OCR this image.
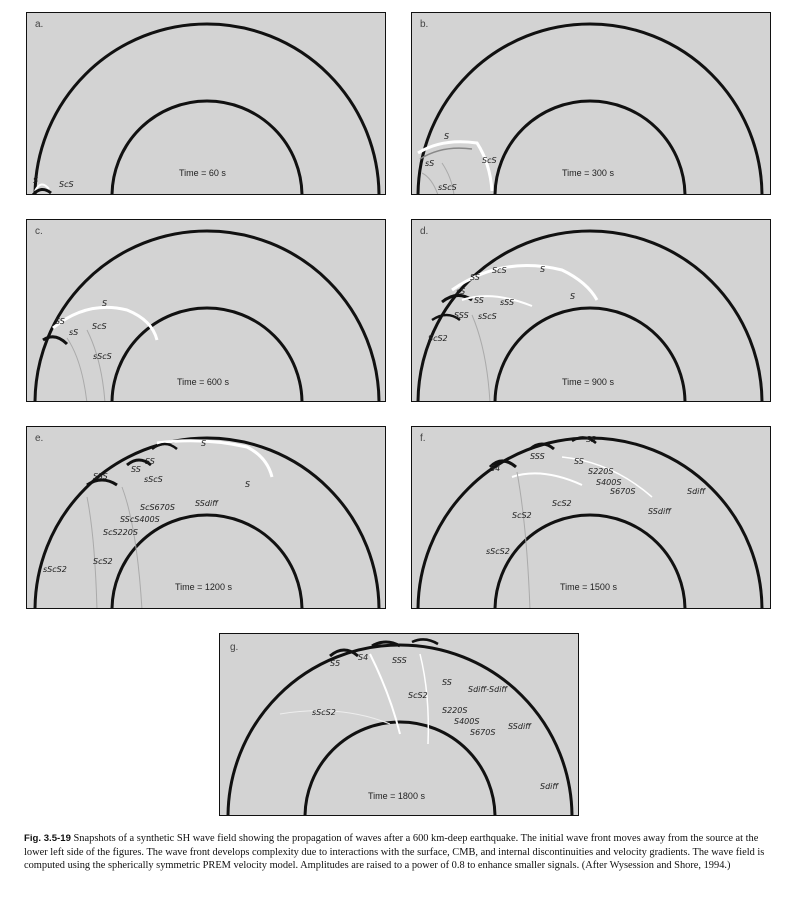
a.
Time = 60 s
S	ScS
b.
Time = 300 s
S
sS	ScS
sScS
c.
Time = 600 s
S
SS
sS
ScS
sScS
d.
Time = 900 s
ScS
SS
S
sS
SS sSS
SSS sScS
S
ScS2
e.
Time = 1200 s
S
SS
SSS
SS
sScS
S
ScS670S
SScS400S
ScS220S
SSdiff
sScS2
ScS2
f.
Time = 1500 s
SS
S4
SSS
SS
S220S
S400S
S670S	Sdiff
SSdiff
ScS2
ScS2
sScS2
g.
Time = 1800 s
S5
S4	SSS
SS
Sdiff-Sdiff
ScS2
sScS2	S220S
S400S
S670S
SSdiff
Sdiff
Fig. 3.5-19 Snapshots of a synthetic SH wave field showing the propagation of waves after a 600 km-deep earthquake. The initial wave front moves away from the source at the lower left side of the figures. The wave front develops complexity due to interactions with the surface, CMB, and internal discontinuities and velocity gradients. The wave field is computed using the spherically symmetric PREM velocity model. Amplitudes are raised to a power of 0.8 to enhance smaller signals. (After Wysession and Shore, 1994.)
